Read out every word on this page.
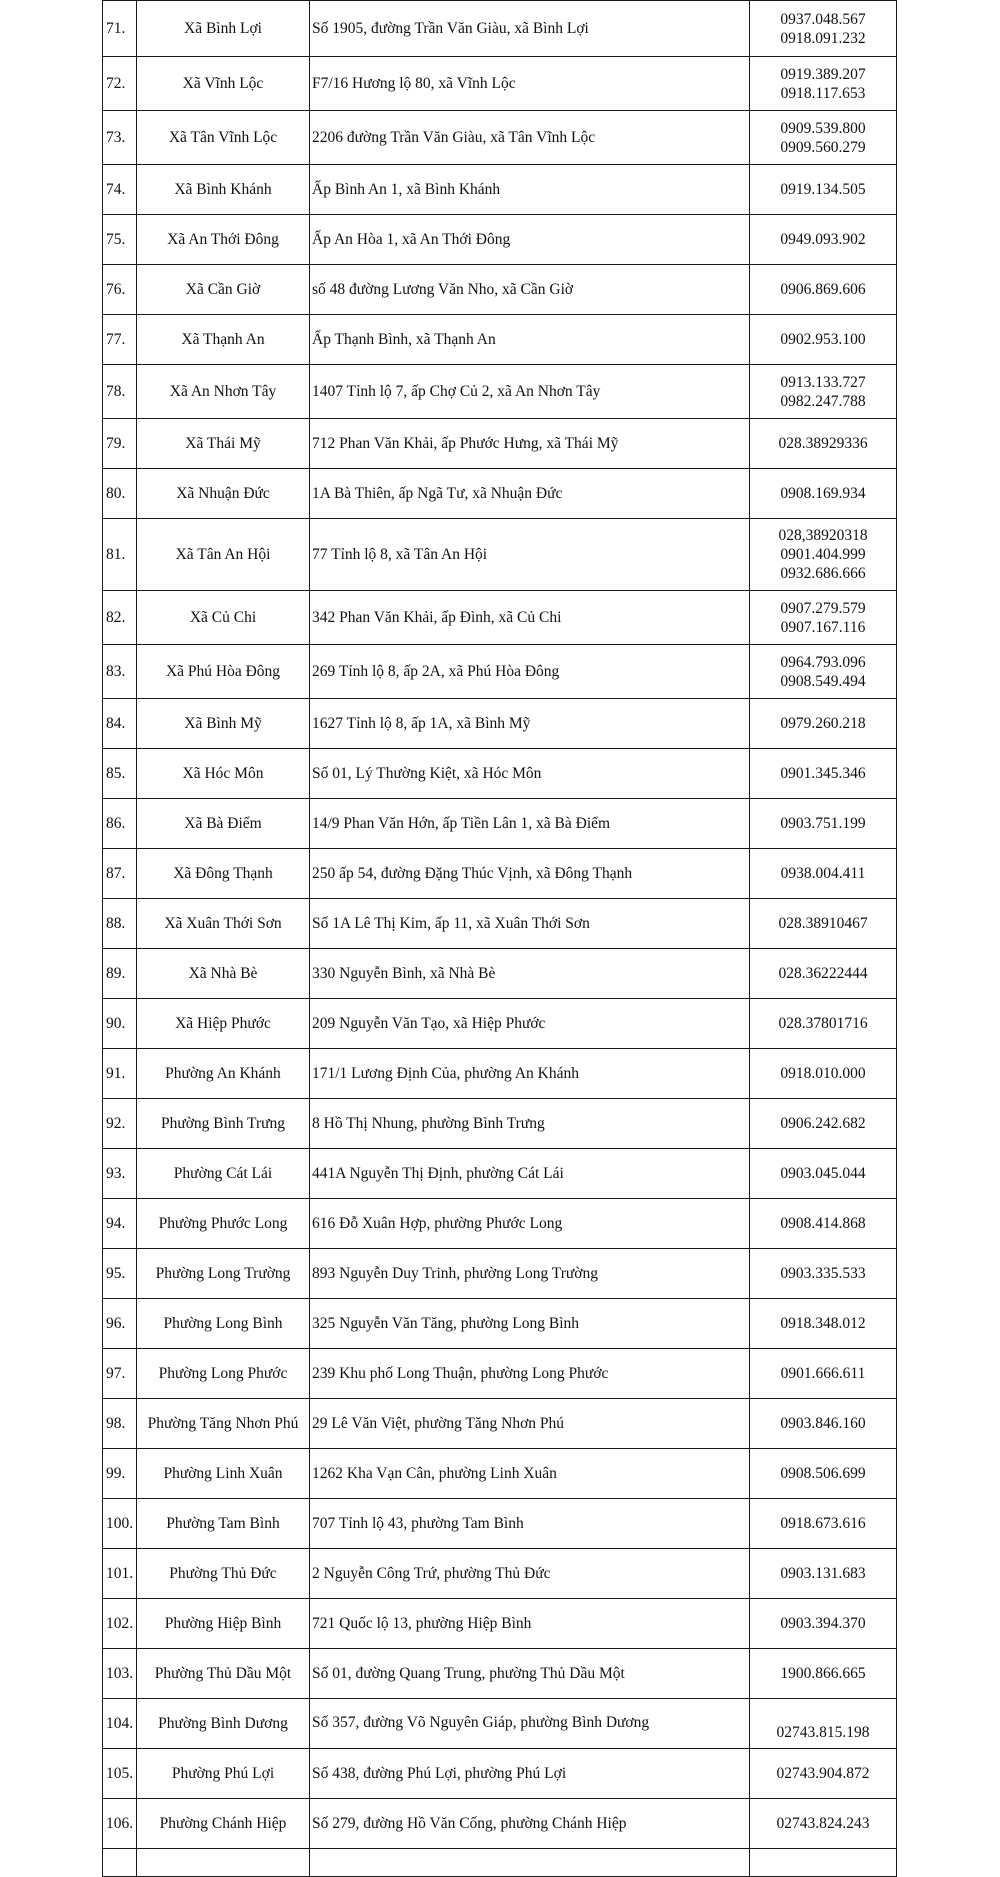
71.	Xã Bình Lợi	Số 1905, đường Trần Văn Giàu, xã Bình Lợi	0937.048.567
0918.091.232

72.	Xã Vĩnh Lộc	F7/16 Hương lộ 80, xã Vĩnh Lộc	0919.389.207
0918.117.653

73.	Xã Tân Vĩnh Lộc	2206 đường Trần Văn Giàu, xã Tân Vĩnh Lộc	0909.539.800
0909.560.279

74.	Xã Bình Khánh	Ấp Bình An 1, xã Bình Khánh	0919.134.505

75.	Xã An Thới Đông	Ấp An Hòa 1, xã An Thới Đông	0949.093.902

76.	Xã Cần Giờ	số 48 đường Lương Văn Nho, xã Cần Giờ	0906.869.606

77.	Xã Thạnh An	Ấp Thạnh Bình, xã Thạnh An	0902.953.100

78.	Xã An Nhơn Tây	1407 Tỉnh lộ 7, ấp Chợ Củ 2, xã An Nhơn Tây	0913.133.727
0982.247.788

79.	Xã Thái Mỹ	712 Phan Văn Khải, ấp Phước Hưng, xã Thái Mỹ	028.38929336

80.	Xã Nhuận Đức	1A Bà Thiên, ấp Ngã Tư, xã Nhuận Đức	0908.169.934

81.	Xã Tân An Hội	77 Tỉnh lộ 8, xã Tân An Hội	028,38920318
0901.404.999
0932.686.666

82.	Xã Củ Chi	342 Phan Văn Khải, ấp Đình, xã Củ Chi	0907.279.579
0907.167.116

83.	Xã Phú Hòa Đông	269 Tỉnh lộ 8, ấp 2A, xã Phú Hòa Đông	0964.793.096
0908.549.494

84.	Xã Bình Mỹ	1627 Tỉnh lộ 8, ấp 1A, xã Bình Mỹ	0979.260.218

85.	Xã Hóc Môn	Số 01, Lý Thường Kiệt, xã Hóc Môn	0901.345.346

86.	Xã Bà Điểm	14/9 Phan Văn Hớn, ấp Tiền Lân 1, xã Bà Điểm	0903.751.199

87.	Xã Đông Thạnh	250 ấp 54, đường Đặng Thúc Vịnh, xã Đông Thạnh	0938.004.411

88.	Xã Xuân Thới Sơn	Số 1A Lê Thị Kim, ấp 11, xã Xuân Thới Sơn	028.38910467

89.	Xã Nhà Bè	330 Nguyễn Bình, xã Nhà Bè	028.36222444

90.	Xã Hiệp Phước	209 Nguyễn Văn Tạo, xã Hiệp Phước	028.37801716

91.	Phường An Khánh	171/1 Lương Định Của, phường An Khánh	0918.010.000

92.	Phường Bình Trưng	8 Hồ Thị Nhung, phường Bình Trưng	0906.242.682

93.	Phường Cát Lái	441A Nguyễn Thị Định, phường Cát Lái	0903.045.044

94.	Phường Phước Long	616 Đỗ Xuân Hợp, phường Phước Long	0908.414.868

95.	Phường Long Trường	893 Nguyễn Duy Trinh, phường Long Trường	0903.335.533

96.	Phường Long Bình	325 Nguyễn Văn Tăng, phường Long Bình	0918.348.012

97.	Phường Long Phước	239 Khu phố Long Thuận, phường Long Phước	0901.666.611

98.	Phường Tăng Nhơn Phú	29 Lê Văn Việt, phường Tăng Nhơn Phú	0903.846.160

99.	Phường Linh Xuân	1262 Kha Vạn Cân, phường Linh Xuân	0908.506.699

100.	Phường Tam Bình	707 Tỉnh lộ 43, phường Tam Bình	0918.673.616

101.	Phường Thủ Đức	2 Nguyễn Công Trứ, phường Thủ Đức	0903.131.683

102.	Phường Hiệp Bình	721 Quốc lộ 13, phường Hiệp Bình	0903.394.370

103.	Phường Thủ Dầu Một	Số 01, đường Quang Trung, phường Thủ Dầu Một	1900.866.665

104.	Phường Bình Dương	Số 357, đường Võ Nguyên Giáp, phường Bình Dương	02743.815.198

105.	Phường Phú Lợi	Số 438, đường Phú Lợi, phường Phú Lợi	02743.904.872

106.	Phường Chánh Hiệp	Số 279, đường Hồ Văn Cống, phường Chánh Hiệp	02743.824.243
